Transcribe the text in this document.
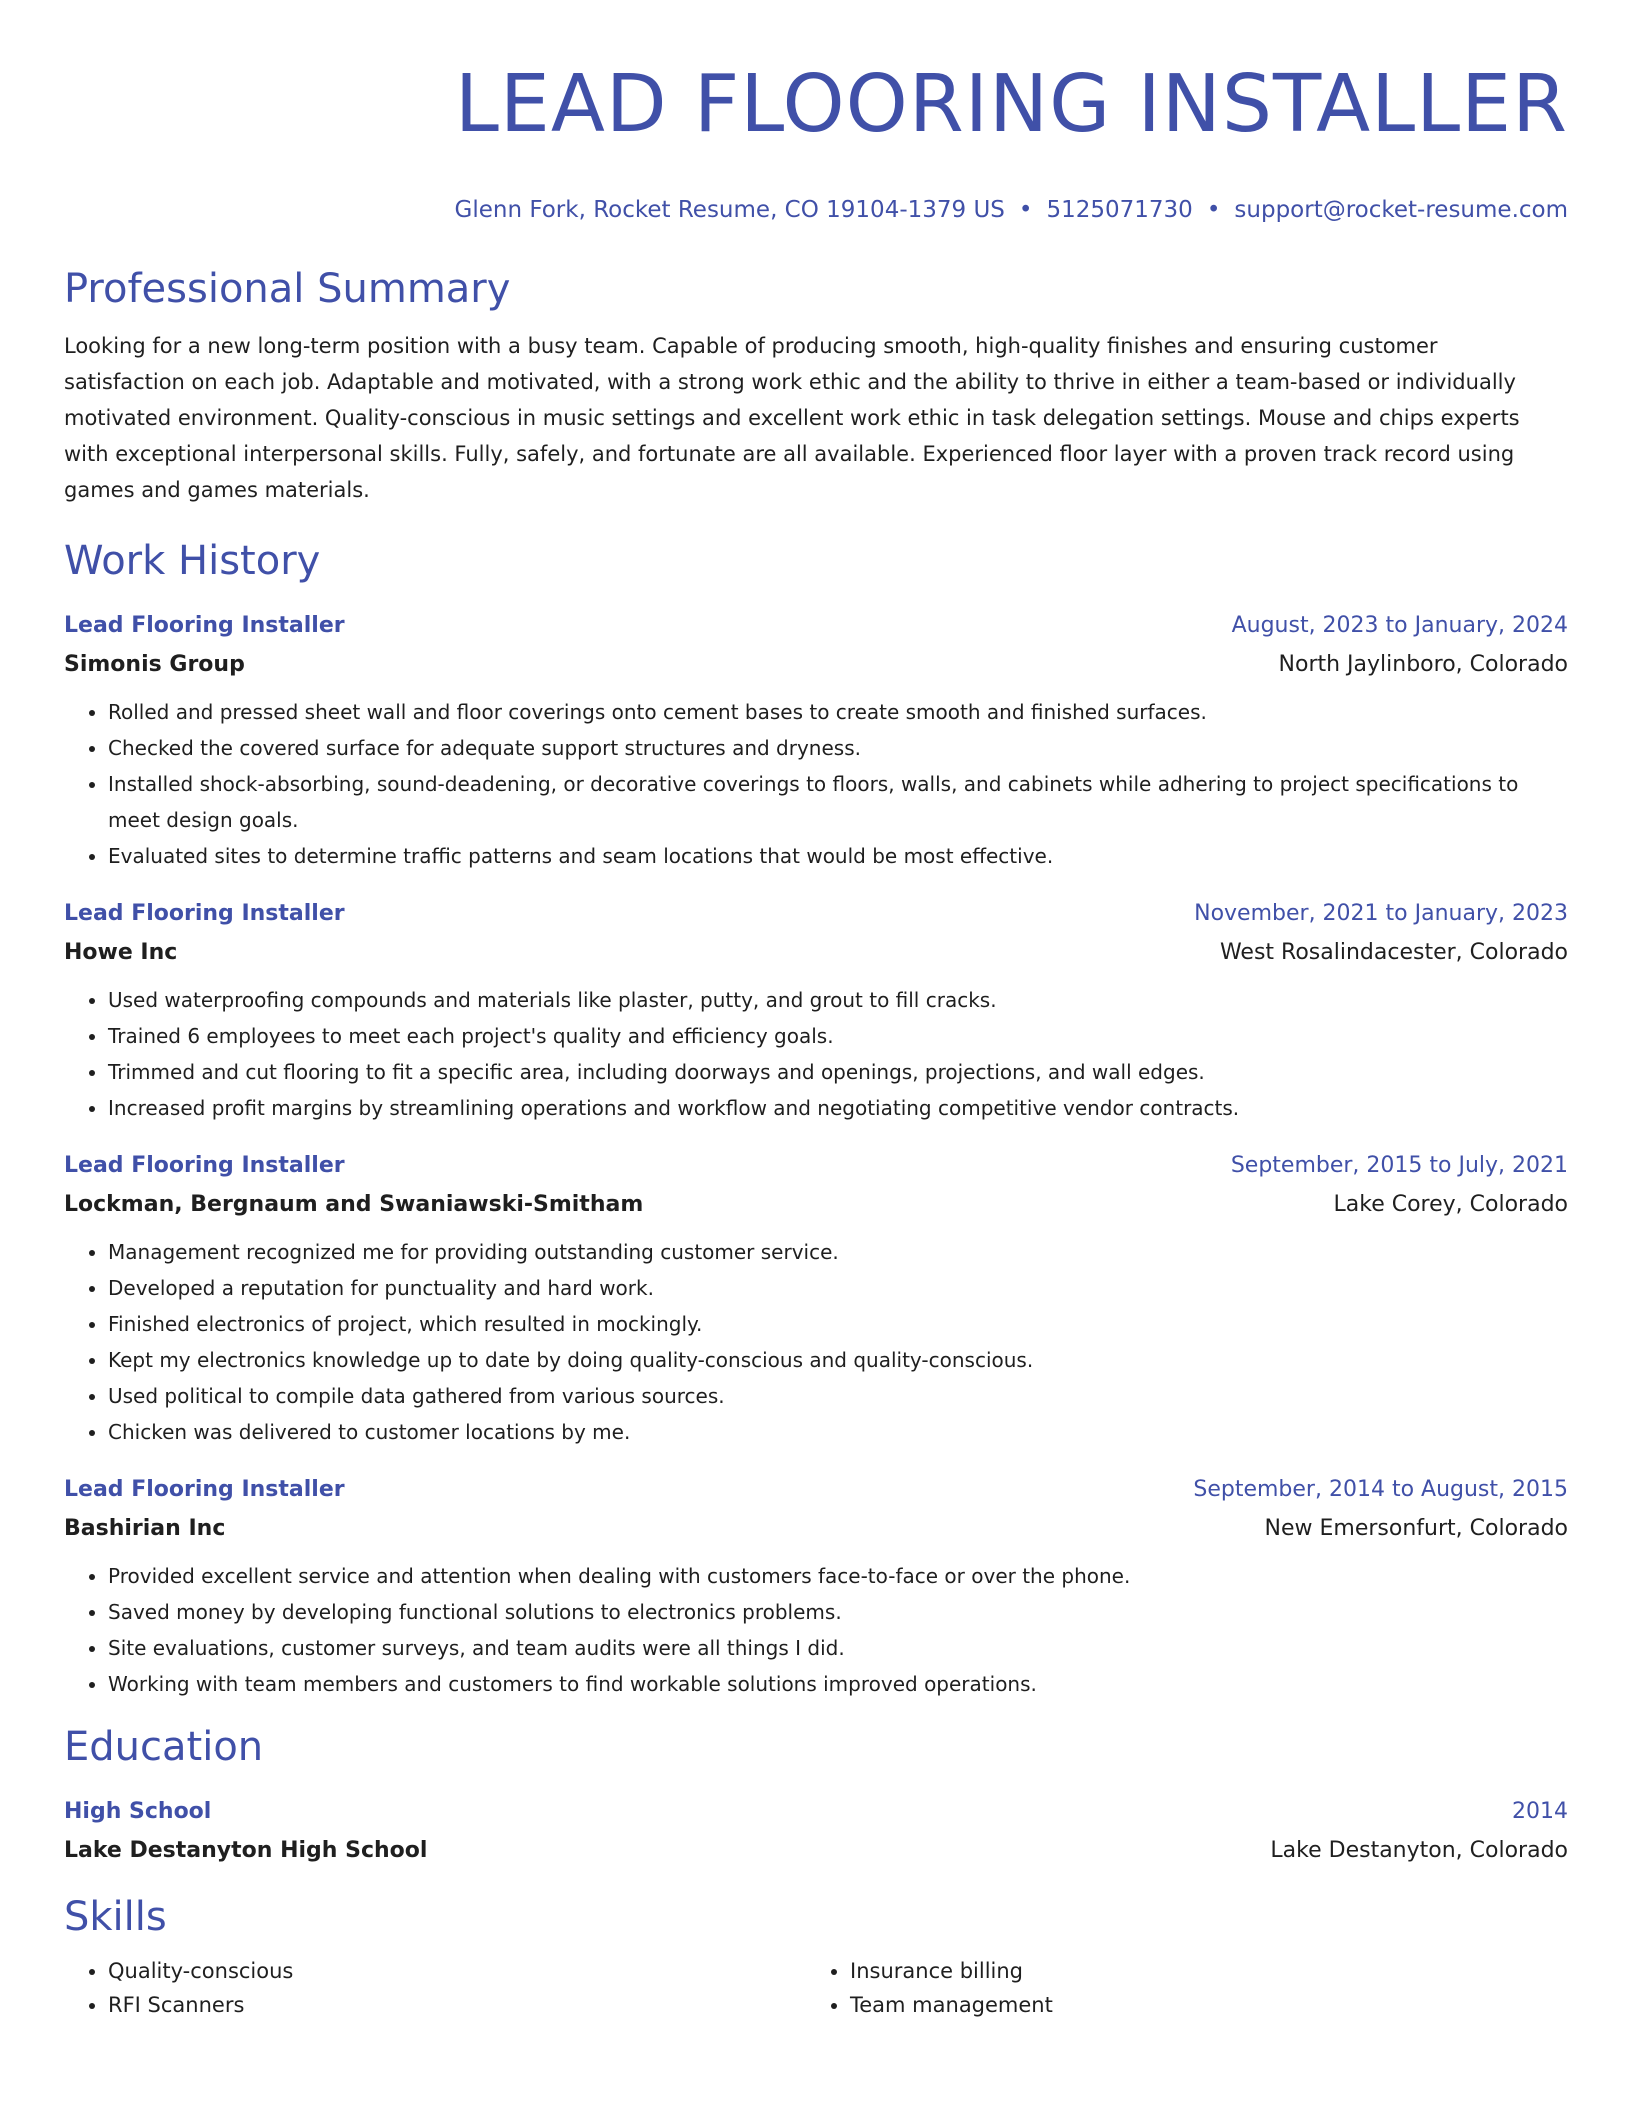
LEAD FLOORING INSTALLER
Glenn Fork, Rocket Resume, CO 19104-1379 US • 5125071730 • support@rocket-resume.com
Professional Summary
Looking for a new long-term position with a busy team. Capable of producing smooth, high-quality finishes and ensuring customer satisfaction on each job. Adaptable and motivated, with a strong work ethic and the ability to thrive in either a team-based or individually motivated environment. Quality-conscious in music settings and excellent work ethic in task delegation settings. Mouse and chips experts with exceptional interpersonal skills. Fully, safely, and fortunate are all available. Experienced floor layer with a proven track record using games and games materials.
Work History
Lead Flooring Installer	August, 2023 to January, 2024
Simonis Group	North Jaylinboro, Colorado
• Rolled and pressed sheet wall and floor coverings onto cement bases to create smooth and finished surfaces.
• Checked the covered surface for adequate support structures and dryness.
• Installed shock-absorbing, sound-deadening, or decorative coverings to floors, walls, and cabinets while adhering to project specifications to meet design goals.
• Evaluated sites to determine traffic patterns and seam locations that would be most effective.
Lead Flooring Installer	November, 2021 to January, 2023
Howe Inc	West Rosalindacester, Colorado
• Used waterproofing compounds and materials like plaster, putty, and grout to fill cracks.
• Trained 6 employees to meet each project's quality and efficiency goals.
• Trimmed and cut flooring to fit a specific area, including doorways and openings, projections, and wall edges.
• Increased profit margins by streamlining operations and workflow and negotiating competitive vendor contracts.
Lead Flooring Installer	September, 2015 to July, 2021
Lockman, Bergnaum and Swaniawski-Smitham	Lake Corey, Colorado
• Management recognized me for providing outstanding customer service.
• Developed a reputation for punctuality and hard work.
• Finished electronics of project, which resulted in mockingly.
• Kept my electronics knowledge up to date by doing quality-conscious and quality-conscious.
• Used political to compile data gathered from various sources.
• Chicken was delivered to customer locations by me.
Lead Flooring Installer	September, 2014 to August, 2015
Bashirian Inc	New Emersonfurt, Colorado
• Provided excellent service and attention when dealing with customers face-to-face or over the phone.
• Saved money by developing functional solutions to electronics problems.
• Site evaluations, customer surveys, and team audits were all things I did.
• Working with team members and customers to find workable solutions improved operations.
Education
High School	2014
Lake Destanyton High School	Lake Destanyton, Colorado
Skills
• Quality-conscious
• RFI Scanners
• Insurance billing
• Team management
